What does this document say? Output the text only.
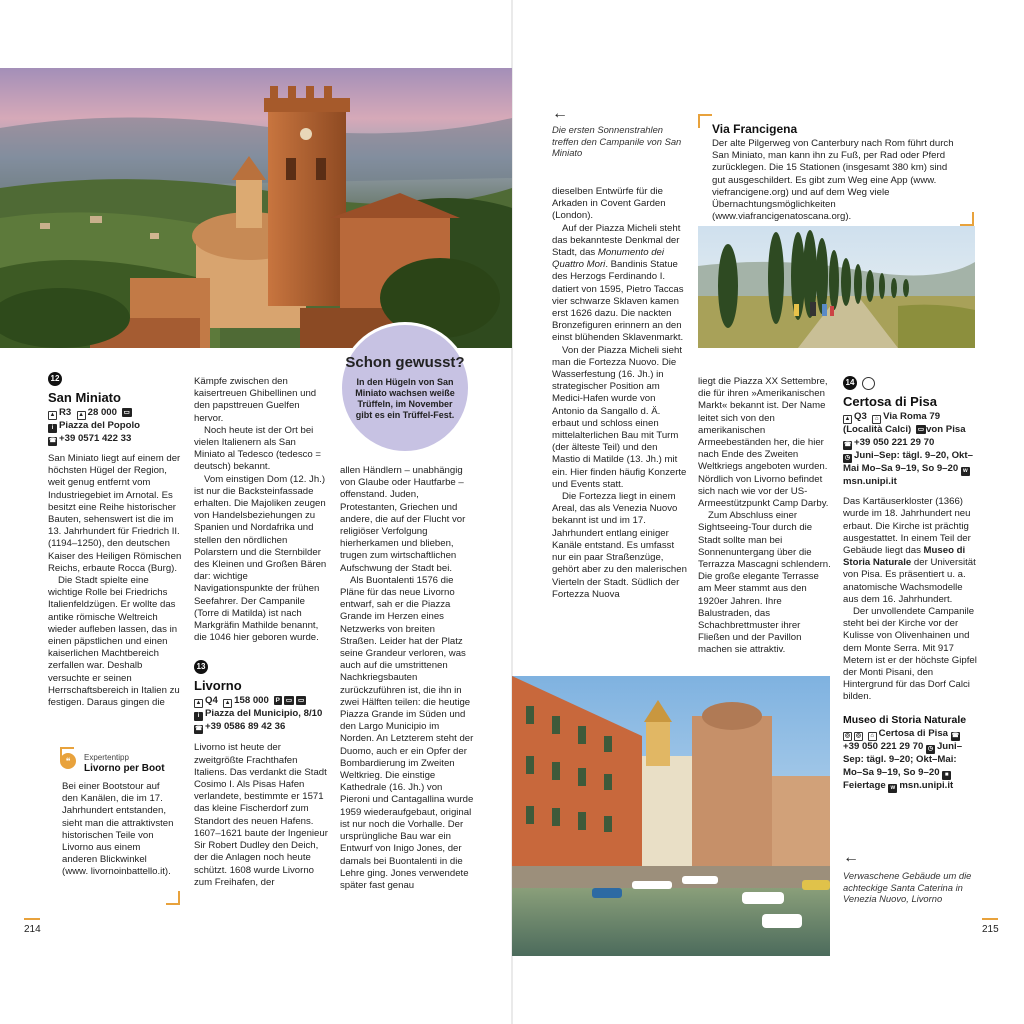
Schon gewusst?
In den Hügeln von San Miniato wachsen weiße Trüffeln, im November gibt es ein Trüffel-Fest.
12
San Miniato
▲ R3 ▲ 28 000 ▭
i Piazza del Popolo
☎ +39 0571 422 33

San Miniato liegt auf einem der höchsten Hügel der Region, weit genug entfernt vom Industriegebiet im Arnotal. Es besitzt eine Reihe historischer Bauten, sehenswert ist die im 13. Jahrhundert für Friedrich II. (1194–1250), den deutschen Kaiser des Heiligen Römischen Reichs, erbaute Rocca (Burg).

Die Stadt spielte eine wichtige Rolle bei Friedrichs Italienfeldzügen. Er wollte das antike römische Weltreich wieder aufleben lassen, das in einen päpstlichen und einen kaiserlichen Machtbereich zerfallen war. Deshalb versuchte er seinen Herrschaftsbereich in Italien zu festigen. Daraus gingen die

❝	Expertentipp
Livorno per Boot
Bei einer Bootstour auf den Kanälen, die im 17. Jahrhundert entstanden, sieht man die attraktivsten historischen Teile von Livorno aus einem anderen Blickwinkel (www. livornoinbattello.it).

Kämpfe zwischen den kaisertreuen Ghibellinen und den papsttreuen Guelfen hervor.

Noch heute ist der Ort bei vielen Italienern als San Miniato al Tedesco (tedesco = deutsch) bekannt.

Vom einstigen Dom (12. Jh.) ist nur die Backsteinfassade erhalten. Die Majoliken zeugen von Handelsbeziehungen zu Spanien und Nordafrika und stellen den nördlichen Polarstern und die Sternbilder des Kleinen und Großen Bären dar: wichtige Navigationspunkte der frühen Seefahrer. Der Campanile (Torre di Matilda) ist nach Markgräfin Mathilde benannt, die 1046 hier geboren wurde.

13
Livorno
▲ Q4 ▲ 158 000 P ▭ ▭
i Piazza del Municipio, 8/10
☎ +39 0586 89 42 36

Livorno ist heute der zweitgrößte Frachthafen Italiens. Das verdankt die Stadt Cosimo I. Als Pisas Hafen verlandete, bestimmte er 1571 das kleine Fischerdorf zum Standort des neuen Hafens. 1607–1621 baute der Ingenieur Sir Robert Dudley den Deich, der die Anlagen noch heute schützt. 1608 wurde Livorno zum Freihafen, der

allen Händlern – unabhängig von Glaube oder Hautfarbe – offenstand. Juden, Protestanten, Griechen und andere, die auf der Flucht vor religiöser Verfolgung hierherkamen und blieben, trugen zum wirtschaftlichen Aufschwung der Stadt bei.

Als Buontalenti 1576 die Pläne für das neue Livorno entwarf, sah er die Piazza Grande im Herzen eines Netzwerks von breiten Straßen. Leider hat der Platz seine Grandeur verloren, was auch auf die umstrittenen Nachkriegsbauten zurückzuführen ist, die ihn in zwei Hälften teilen: die heutige Piazza Grande im Süden und den Largo Municipio im Norden. An Letzterem steht der Duomo, auch er ein Opfer der Bombardierung im Zweiten Weltkrieg. Die einstige Kathedrale (16. Jh.) von Pieroni und Cantagallina wurde 1959 wiederaufgebaut, original ist nur noch die Vorhalle. Der ursprüngliche Bau war ein Entwurf von Inigo Jones, der damals bei Buontalenti in die Lehre ging. Jones verwendete später fast genau

214
←
Die ersten Sonnenstrahlen treffen den Campanile von San Miniato

dieselben Entwürfe für die Arkaden in Covent Garden (London).

Auf der Piazza Micheli steht das bekannteste Denkmal der Stadt, das Monumento dei Quattro Mori. Bandinis Statue des Herzogs Ferdinando I. datiert von 1595, Pietro Taccas vier schwarze Sklaven kamen erst 1626 dazu. Die nackten Bronzefiguren erinnern an den einst blühenden Sklavenmarkt.

Von der Piazza Micheli sieht man die Fortezza Nuovo. Die Wasserfestung (16. Jh.) in strategischer Position am Medici-Hafen wurde von Antonio da Sangallo d. Ä. erbaut und schloss einen mittelalterlichen Bau mit Turm (der älteste Teil) und den Mastio di Matilde (13. Jh.) mit ein. Hier finden häufig Konzerte und Events statt.

Die Fortezza liegt in einem Areal, das als Venezia Nuovo bekannt ist und im 17. Jahrhundert entlang einiger Kanäle entstand. Es umfasst nur ein paar Straßenzüge, gehört aber zu den malerischen Vierteln der Stadt. Südlich der Fortezza Nuova

Via Francigena
Der alte Pilgerweg von Canterbury nach Rom führt durch San Miniato, man kann ihn zu Fuß, per Rad oder Pferd zurücklegen. Die 15 Stationen (insgesamt 380 km) sind gut ausgeschildert. Es gibt zum Weg eine App (www. viefrancigene.org) und auf dem Weg viele Übernachtungsmöglichkeiten (www.viafrancigenatoscana.org).

liegt die Piazza XX Settembre, die für ihren »Amerikanischen Markt« bekannt ist. Der Name leitet sich von den amerikanischen Armeebeständen her, die hier nach Ende des Zweiten Weltkriegs angeboten wurden. Nördlich von Livorno befindet sich nach wie vor der US-Armeestützpunkt Camp Darby.

Zum Abschluss einer Sightseeing-Tour durch die Stadt sollte man bei Sonnenuntergang über die Terrazza Mascagni schlendern. Die große elegante Terrasse am Meer stammt aus den 1920er Jahren. Ihre Balustraden, das Schachbrettmuster ihrer Fließen und der Pavillon machen sie attraktiv.

14
Certosa di Pisa
▲ Q3 ⌂ Via Roma 79 (Località Calci) ▭ von Pisa ☎ +39 050 221 29 70
◷ Juni–Sep: tägl. 9–20, Okt–Mai Mo–Sa 9–19, So 9–20 wmsn.unipi.it

Das Kartäuserkloster (1366) wurde im 18. Jahrhundert neu erbaut. Die Kirche ist prächtig ausgestattet. In einem Teil der Gebäude liegt das Museo di Storia Naturale der Universität von Pisa. Es präsentiert u. a. anatomische Wachsmodelle aus dem 16. Jahrhundert.

Der unvollendete Campanile steht bei der Kirche vor der Kulisse von Olivenhainen und dem Monte Serra. Mit 917 Metern ist er der höchste Gipfel der Monti Pisani, den Hintergrund für das Dorf Calci bilden.

Museo di Storia Naturale
◎ ◎ ⌂ Certosa di Pisa ☎+39 050 221 29 70 ◷ Juni–Sep: tägl. 9–20; Okt–Mai: Mo–Sa 9–19, So 9–20 ■Feiertage w msn.unipi.it
←
Verwaschene Gebäude um die achteckige Santa Caterina in Venezia Nuovo, Livorno
215
